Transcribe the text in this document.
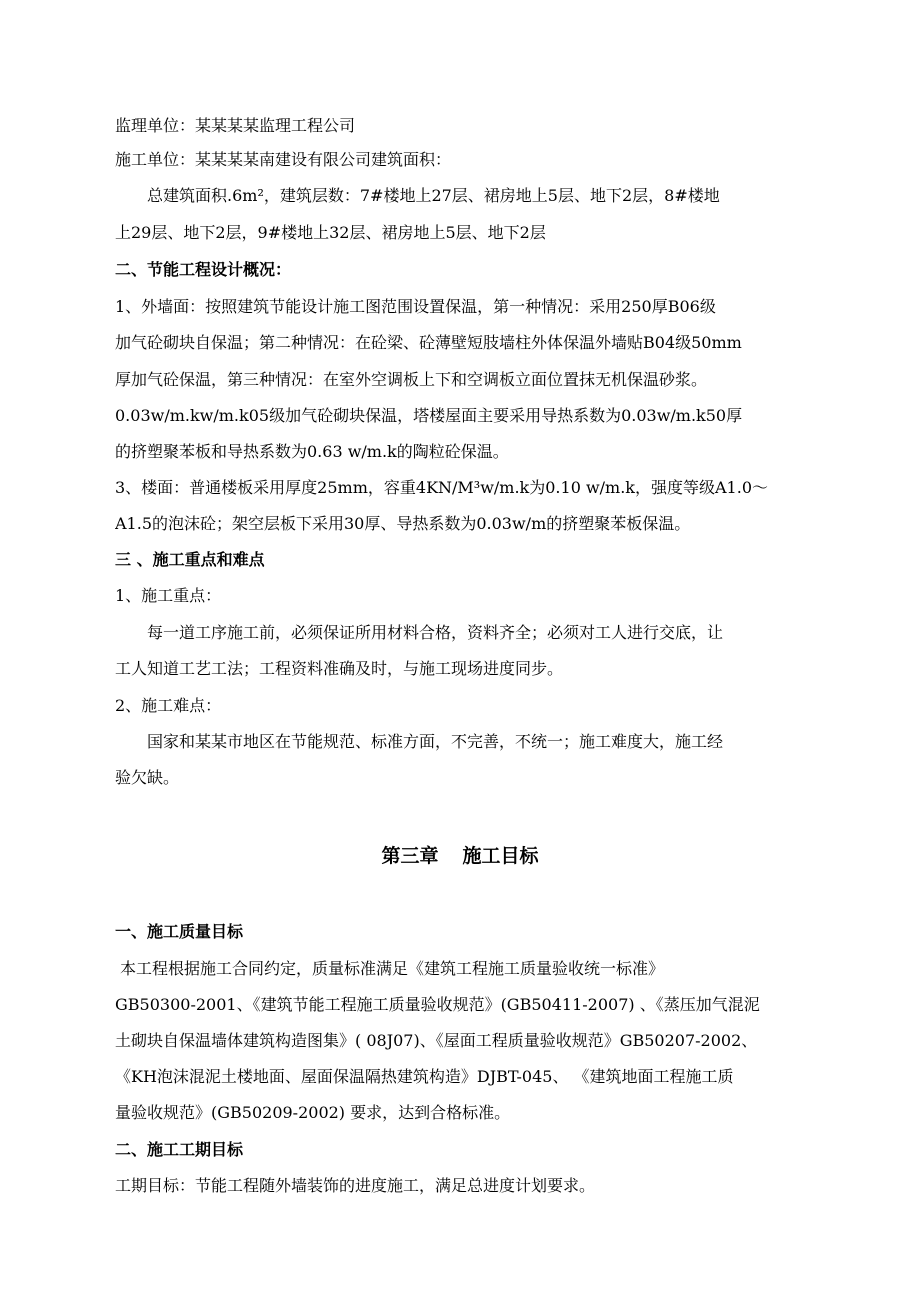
监理单位：某某某某监理工程公司
施工单位：某某某某南建设有限公司建筑面积：
总建筑面积.6m²，建筑层数：7#楼地上27层、裙房地上5层、地下2层，8#楼地
上29层、地下2层，9#楼地上32层、裙房地上5层、地下2层
二、节能工程设计概况：
1、外墙面：按照建筑节能设计施工图范围设置保温，第一种情况：采用250厚B06级
加气砼砌块自保温；第二种情况：在砼梁、砼薄壁短肢墙柱外体保温外墙贴B04级50mm
厚加气砼保温，第三种情况：在室外空调板上下和空调板立面位置抹无机保温砂浆。
0.03w/m.kw/m.k05级加气砼砌块保温，塔楼屋面主要采用导热系数为0.03w/m.k50厚
的挤塑聚苯板和导热系数为0.63 w/m.k的陶粒砼保温。
3、楼面：普通楼板采用厚度25mm，容重4KN/M³w/m.k为0.10 w/m.k，强度等级A1.0～
A1.5的泡沫砼；架空层板下采用30厚、导热系数为0.03w/m的挤塑聚苯板保温。
三 、施工重点和难点
1、施工重点：
每一道工序施工前，必须保证所用材料合格，资料齐全；必须对工人进行交底，让
工人知道工艺工法；工程资料准确及时，与施工现场进度同步。
2、施工难点：
国家和某某市地区在节能规范、标准方面，不完善，不统一；施工难度大，施工经
验欠缺。
第三章 施工目标
一、施工质量目标
本工程根据施工合同约定，质量标准满足《建筑工程施工质量验收统一标准》
GB50300-2001、《建筑节能工程施工质量验收规范》(GB50411-2007) 、《蒸压加气混泥
土砌块自保温墙体建筑构造图集》( 08J07)、《屋面工程质量验收规范》GB50207-2002、
《KH泡沫混泥土楼地面、屋面保温隔热建筑构造》DJBT-045、 《建筑地面工程施工质
量验收规范》(GB50209-2002) 要求，达到合格标准。
二、施工工期目标
工期目标：节能工程随外墙装饰的进度施工，满足总进度计划要求。
